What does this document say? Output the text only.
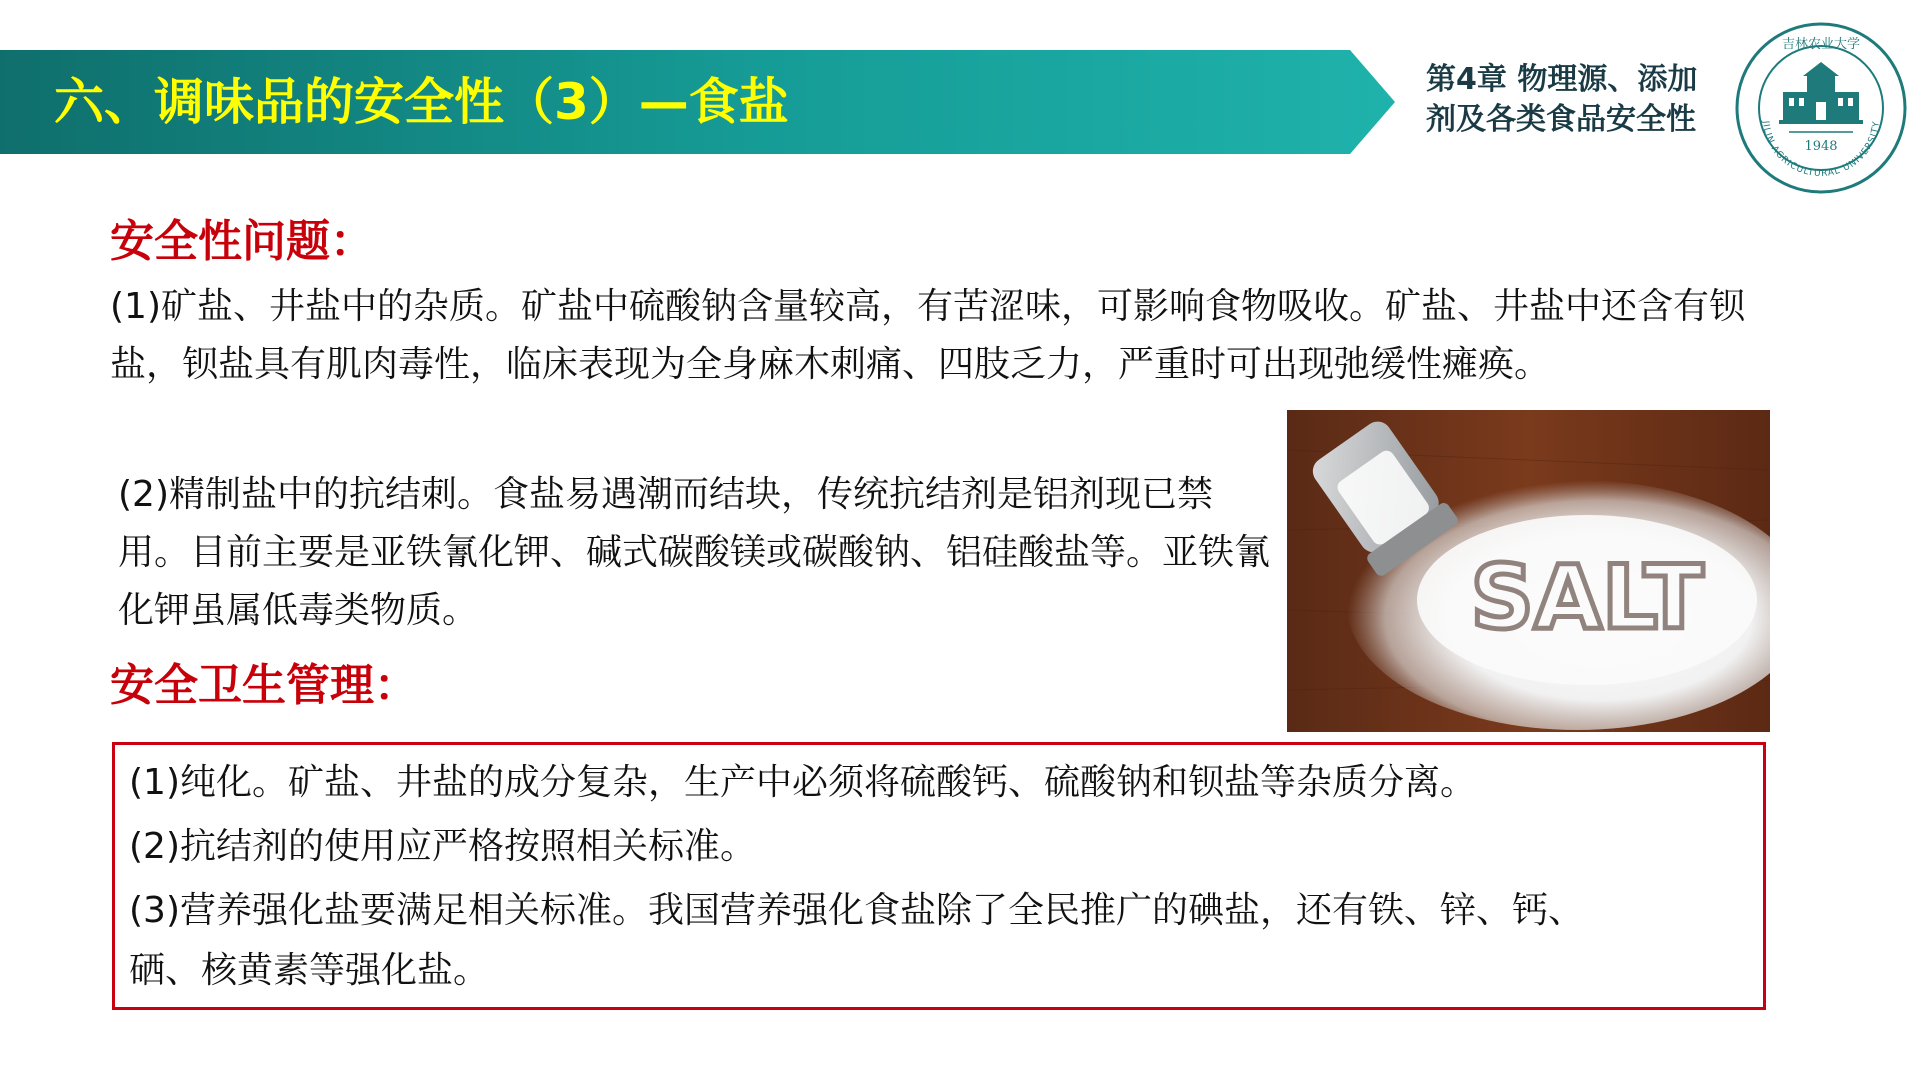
六、调味品的安全性（3）—食盐	第4章 物理源、添加
剂及各类食品安全性
1948
JILIN AGRICULTURAL UNIVERSITY
吉林农业大学
安全性问题：
(1)矿盐、井盐中的杂质。矿盐中硫酸钠含量较高，有苦涩味，可影响食物吸收。矿盐、井盐中还含有钡盐，钡盐具有肌肉毒性，临床表现为全身麻木刺痛、四肢乏力，严重时可出现弛缓性瘫痪。
(2)精制盐中的抗结刺。食盐易遇潮而结块，传统抗结剂是铝剂现已禁用。目前主要是亚铁氰化钾、碱式碳酸镁或碳酸钠、铝硅酸盐等。亚铁氰化钾虽属低毒类物质。	SALT
安全卫生管理：
(1)纯化。矿盐、井盐的成分复杂，生产中必须将硫酸钙、硫酸钠和钡盐等杂质分离。
(2)抗结剂的使用应严格按照相关标准。
(3)营养强化盐要满足相关标准。我国营养强化食盐除了全民推广的碘盐，还有铁、锌、钙、
硒、核黄素等强化盐。
